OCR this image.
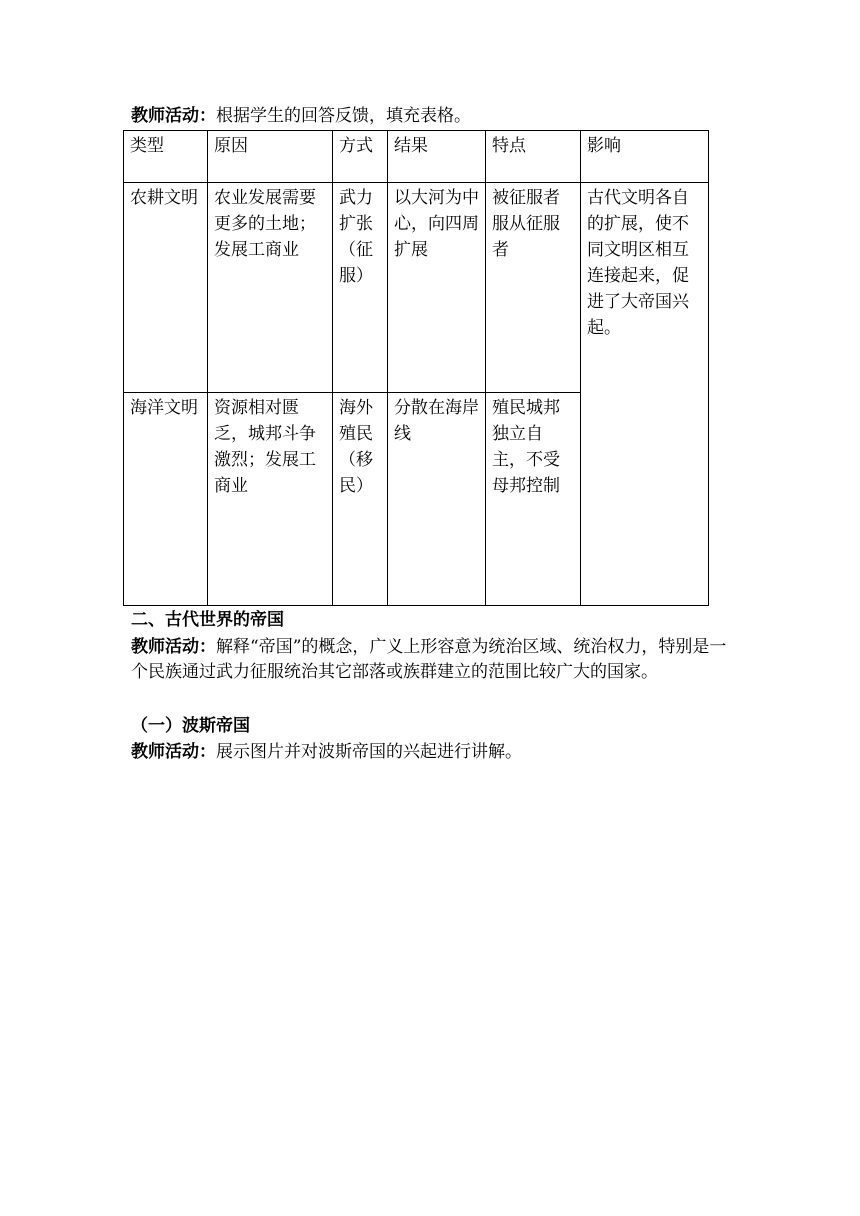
教师活动：根据学生的回答反馈，填充表格。
类型	原因	方式	结果	特点	影响
农耕文明	农业发展需要更多的土地；发展工商业	武力扩张（征服）	以大河为中心，向四周扩展	被征服者服从征服者	古代文明各自的扩展，使不同文明区相互连接起来，促进了大帝国兴起。
海洋文明	资源相对匮乏，城邦斗争激烈；发展工商业	海外殖民（移民）	分散在海岸线	殖民城邦独立自主，不受母邦控制	
二、古代世界的帝国
教师活动：解释“帝国”的概念，广义上形容意为统治区域、统治权力，特别是一个民族通过武力征服统治其它部落或族群建立的范围比较广大的国家。
（一）波斯帝国
教师活动：展示图片并对波斯帝国的兴起进行讲解。
